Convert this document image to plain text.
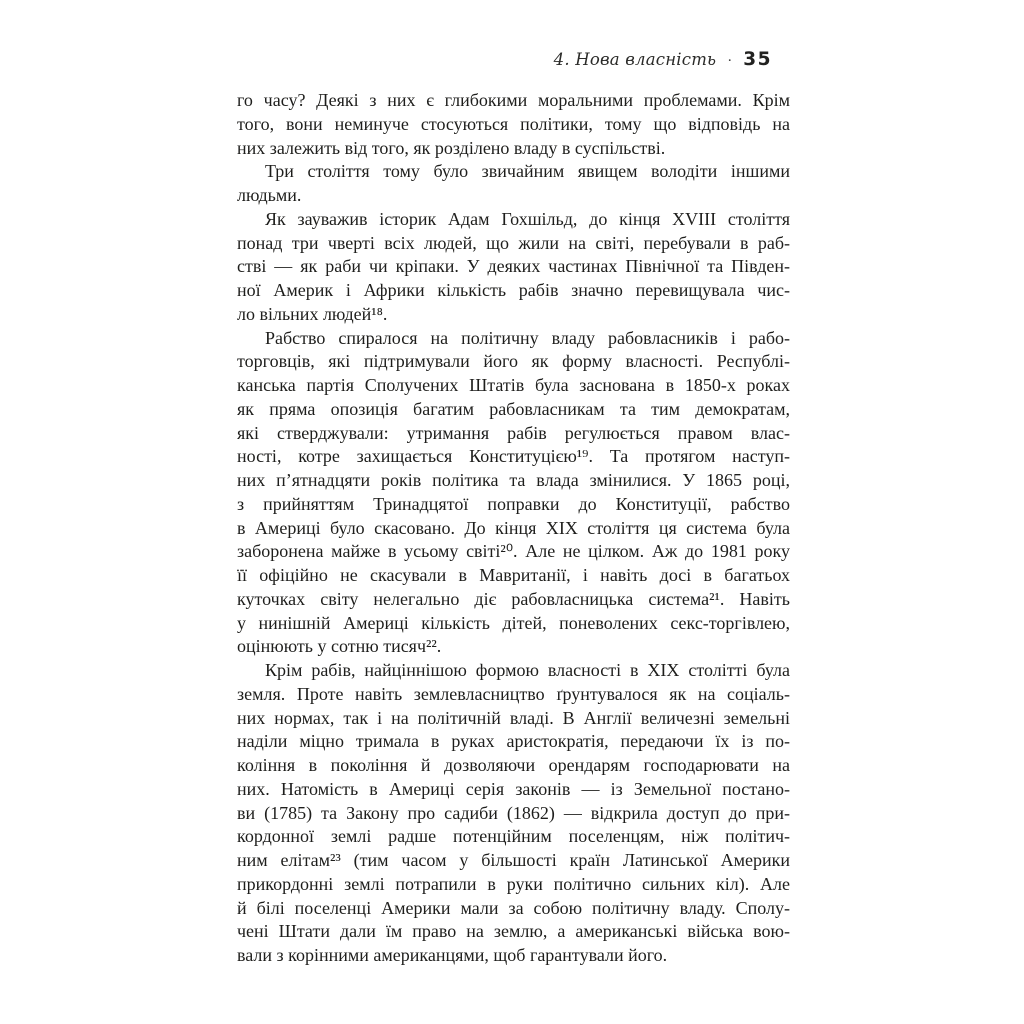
4. Нова власність · 35
го часу? Деякі з них є глибокими моральними проблемами. Крім
того, вони неминуче стосуються політики, тому що відповідь на
них залежить від того, як розділено владу в суспільстві.
Три століття тому було звичайним явищем володіти іншими
людьми.
Як зауважив історик Адам Гохшільд, до кінця XVIII століття
понад три чверті всіх людей, що жили на світі, перебували в раб-
стві — як раби чи кріпаки. У деяких частинах Північної та Півден-
ної Америк і Африки кількість рабів значно перевищувала чис-
ло вільних людей¹⁸.
Рабство спиралося на політичну владу рабовласників і рабо-
торговців, які підтримували його як форму власності. Республі-
канська партія Сполучених Штатів була заснована в 1850-х роках
як пряма опозиція багатим рабовласникам та тим демократам,
які стверджували: утримання рабів регулюється правом влас-
ності, котре захищається Конституцією¹⁹. Та протягом наступ-
них п’ятнадцяти років політика та влада змінилися. У 1865 році,
з прийняттям Тринадцятої поправки до Конституції, рабство
в Америці було скасовано. До кінця XIX століття ця система була
заборонена майже в усьому світі²⁰. Але не цілком. Аж до 1981 року
її офіційно не скасували в Мавританії, і навіть досі в багатьох
куточках світу нелегально діє рабовласницька система²¹. Навіть
у нинішній Америці кількість дітей, поневолених секс-торгівлею,
оцінюють у сотню тисяч²².
Крім рабів, найціннішою формою власності в XIX столітті була
земля. Проте навіть землевласництво ґрунтувалося як на соціаль-
них нормах, так і на політичній владі. В Англії величезні земельні
наділи міцно тримала в руках аристократія, передаючи їх із по-
коління в покоління й дозволяючи орендарям господарювати на
них. Натомість в Америці серія законів — із Земельної постано-
ви (1785) та Закону про садиби (1862) — відкрила доступ до при-
кордонної землі радше потенційним поселенцям, ніж політич-
ним елітам²³ (тим часом у більшості країн Латинської Америки
прикордонні землі потрапили в руки політично сильних кіл). Але
й білі поселенці Америки мали за собою політичну владу. Сполу-
чені Штати дали їм право на землю, а американські війська вою-
вали з корінними американцями, щоб гарантували його.
